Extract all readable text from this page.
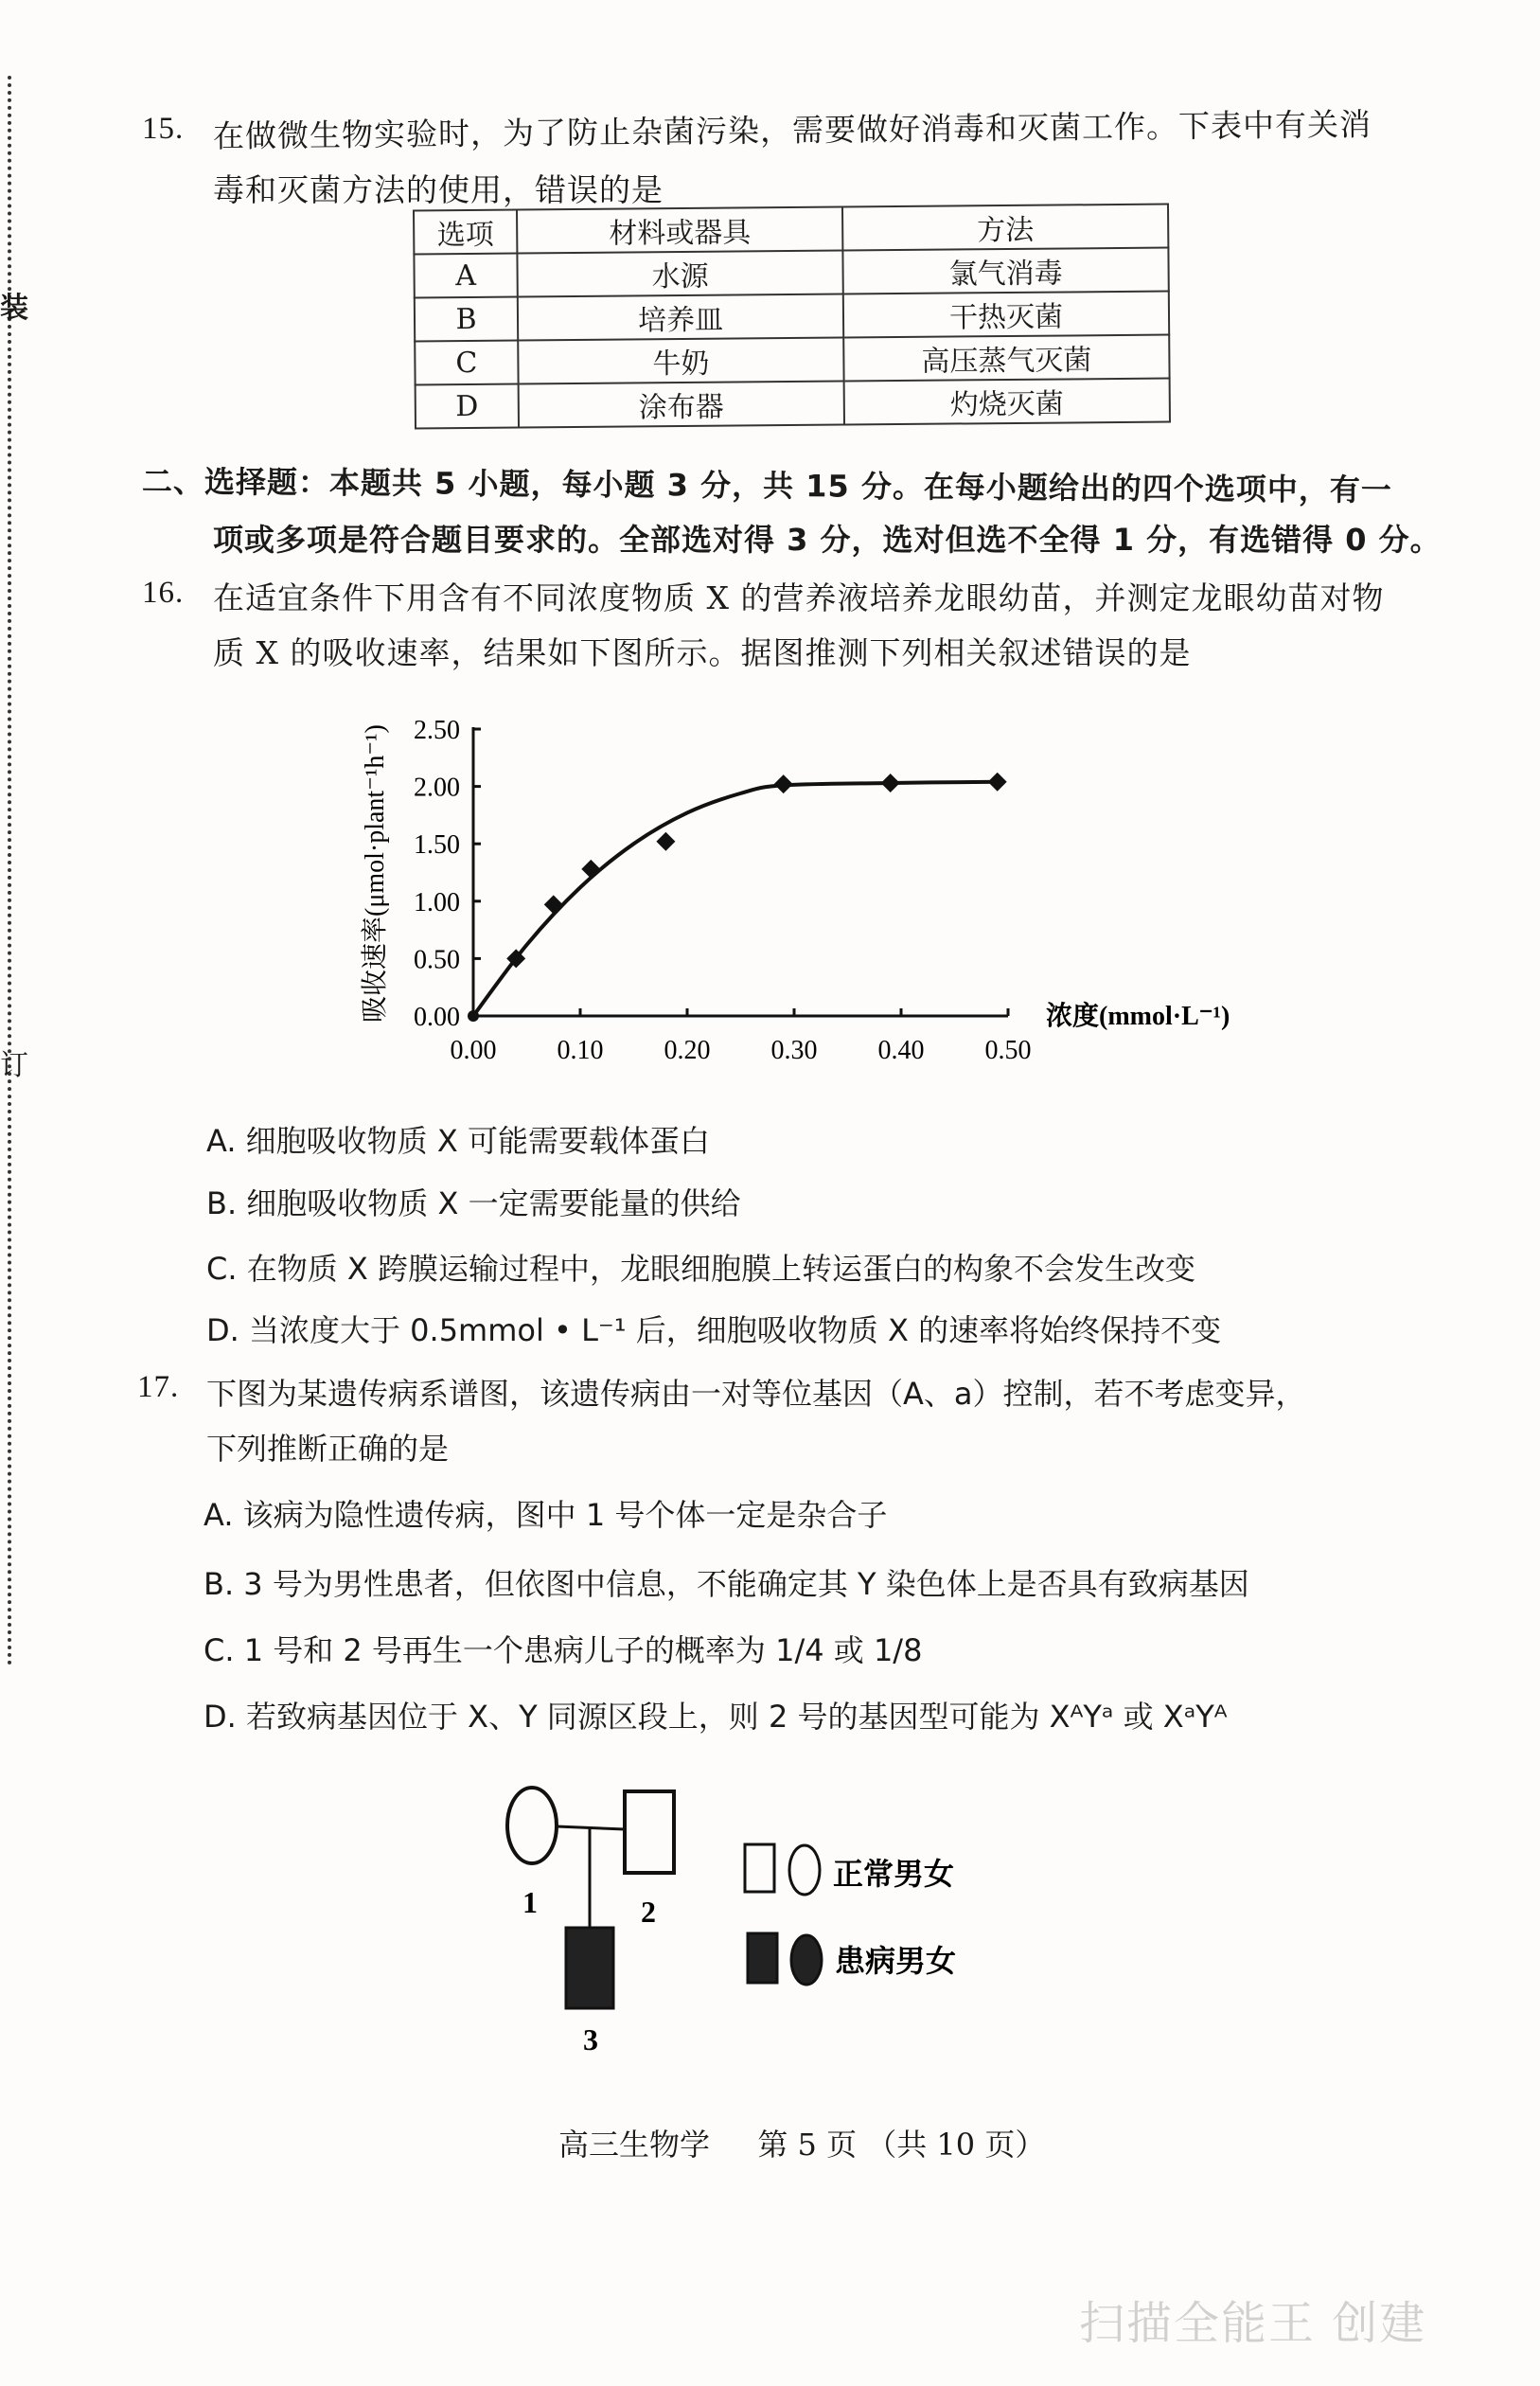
装
订
15. 在做微生物实验时，为了防止杂菌污染，需要做好消毒和灭菌工作。下表中有关消
毒和灭菌方法的使用，错误的是
选项	材料或器具	方法
A	水源	氯气消毒
B	培养皿	干热灭菌
C	牛奶	高压蒸气灭菌
D	涂布器	灼烧灭菌
二、选择题：本题共 5 小题，每小题 3 分，共 15 分。在每小题给出的四个选项中，有一
项或多项是符合题目要求的。全部选对得 3 分，选对但选不全得 1 分，有选错得 0 分。
16. 在适宜条件下用含有不同浓度物质 X 的营养液培养龙眼幼苗，并测定龙眼幼苗对物
质 X 的吸收速率，结果如下图所示。据图推测下列相关叙述错误的是
吸收速率(μmol·plant⁻¹h⁻¹) 0.00
0.50
1.00
1.50
2.00
2.50
0.00 0.10 0.20 0.30 0.40 0.50
浓度(mmol·L⁻¹)
A. 细胞吸收物质 X 可能需要载体蛋白
B. 细胞吸收物质 X 一定需要能量的供给
C. 在物质 X 跨膜运输过程中，龙眼细胞膜上转运蛋白的构象不会发生改变
D. 当浓度大于 0.5mmol • L⁻¹ 后，细胞吸收物质 X 的速率将始终保持不变
17. 下图为某遗传病系谱图，该遗传病由一对等位基因（A、a）控制，若不考虑变异，
下列推断正确的是
A. 该病为隐性遗传病，图中 1 号个体一定是杂合子
B. 3 号为男性患者，但依图中信息，不能确定其 Y 染色体上是否具有致病基因
C. 1 号和 2 号再生一个患病儿子的概率为 1/4 或 1/8
D. 若致病基因位于 X、Y 同源区段上，则 2 号的基因型可能为 XᴬYᵃ 或 XᵃYᴬ
1	2
3
正常男女
患病男女
高三生物学 第 5 页 （共 10 页）
扫描全能王 创建
